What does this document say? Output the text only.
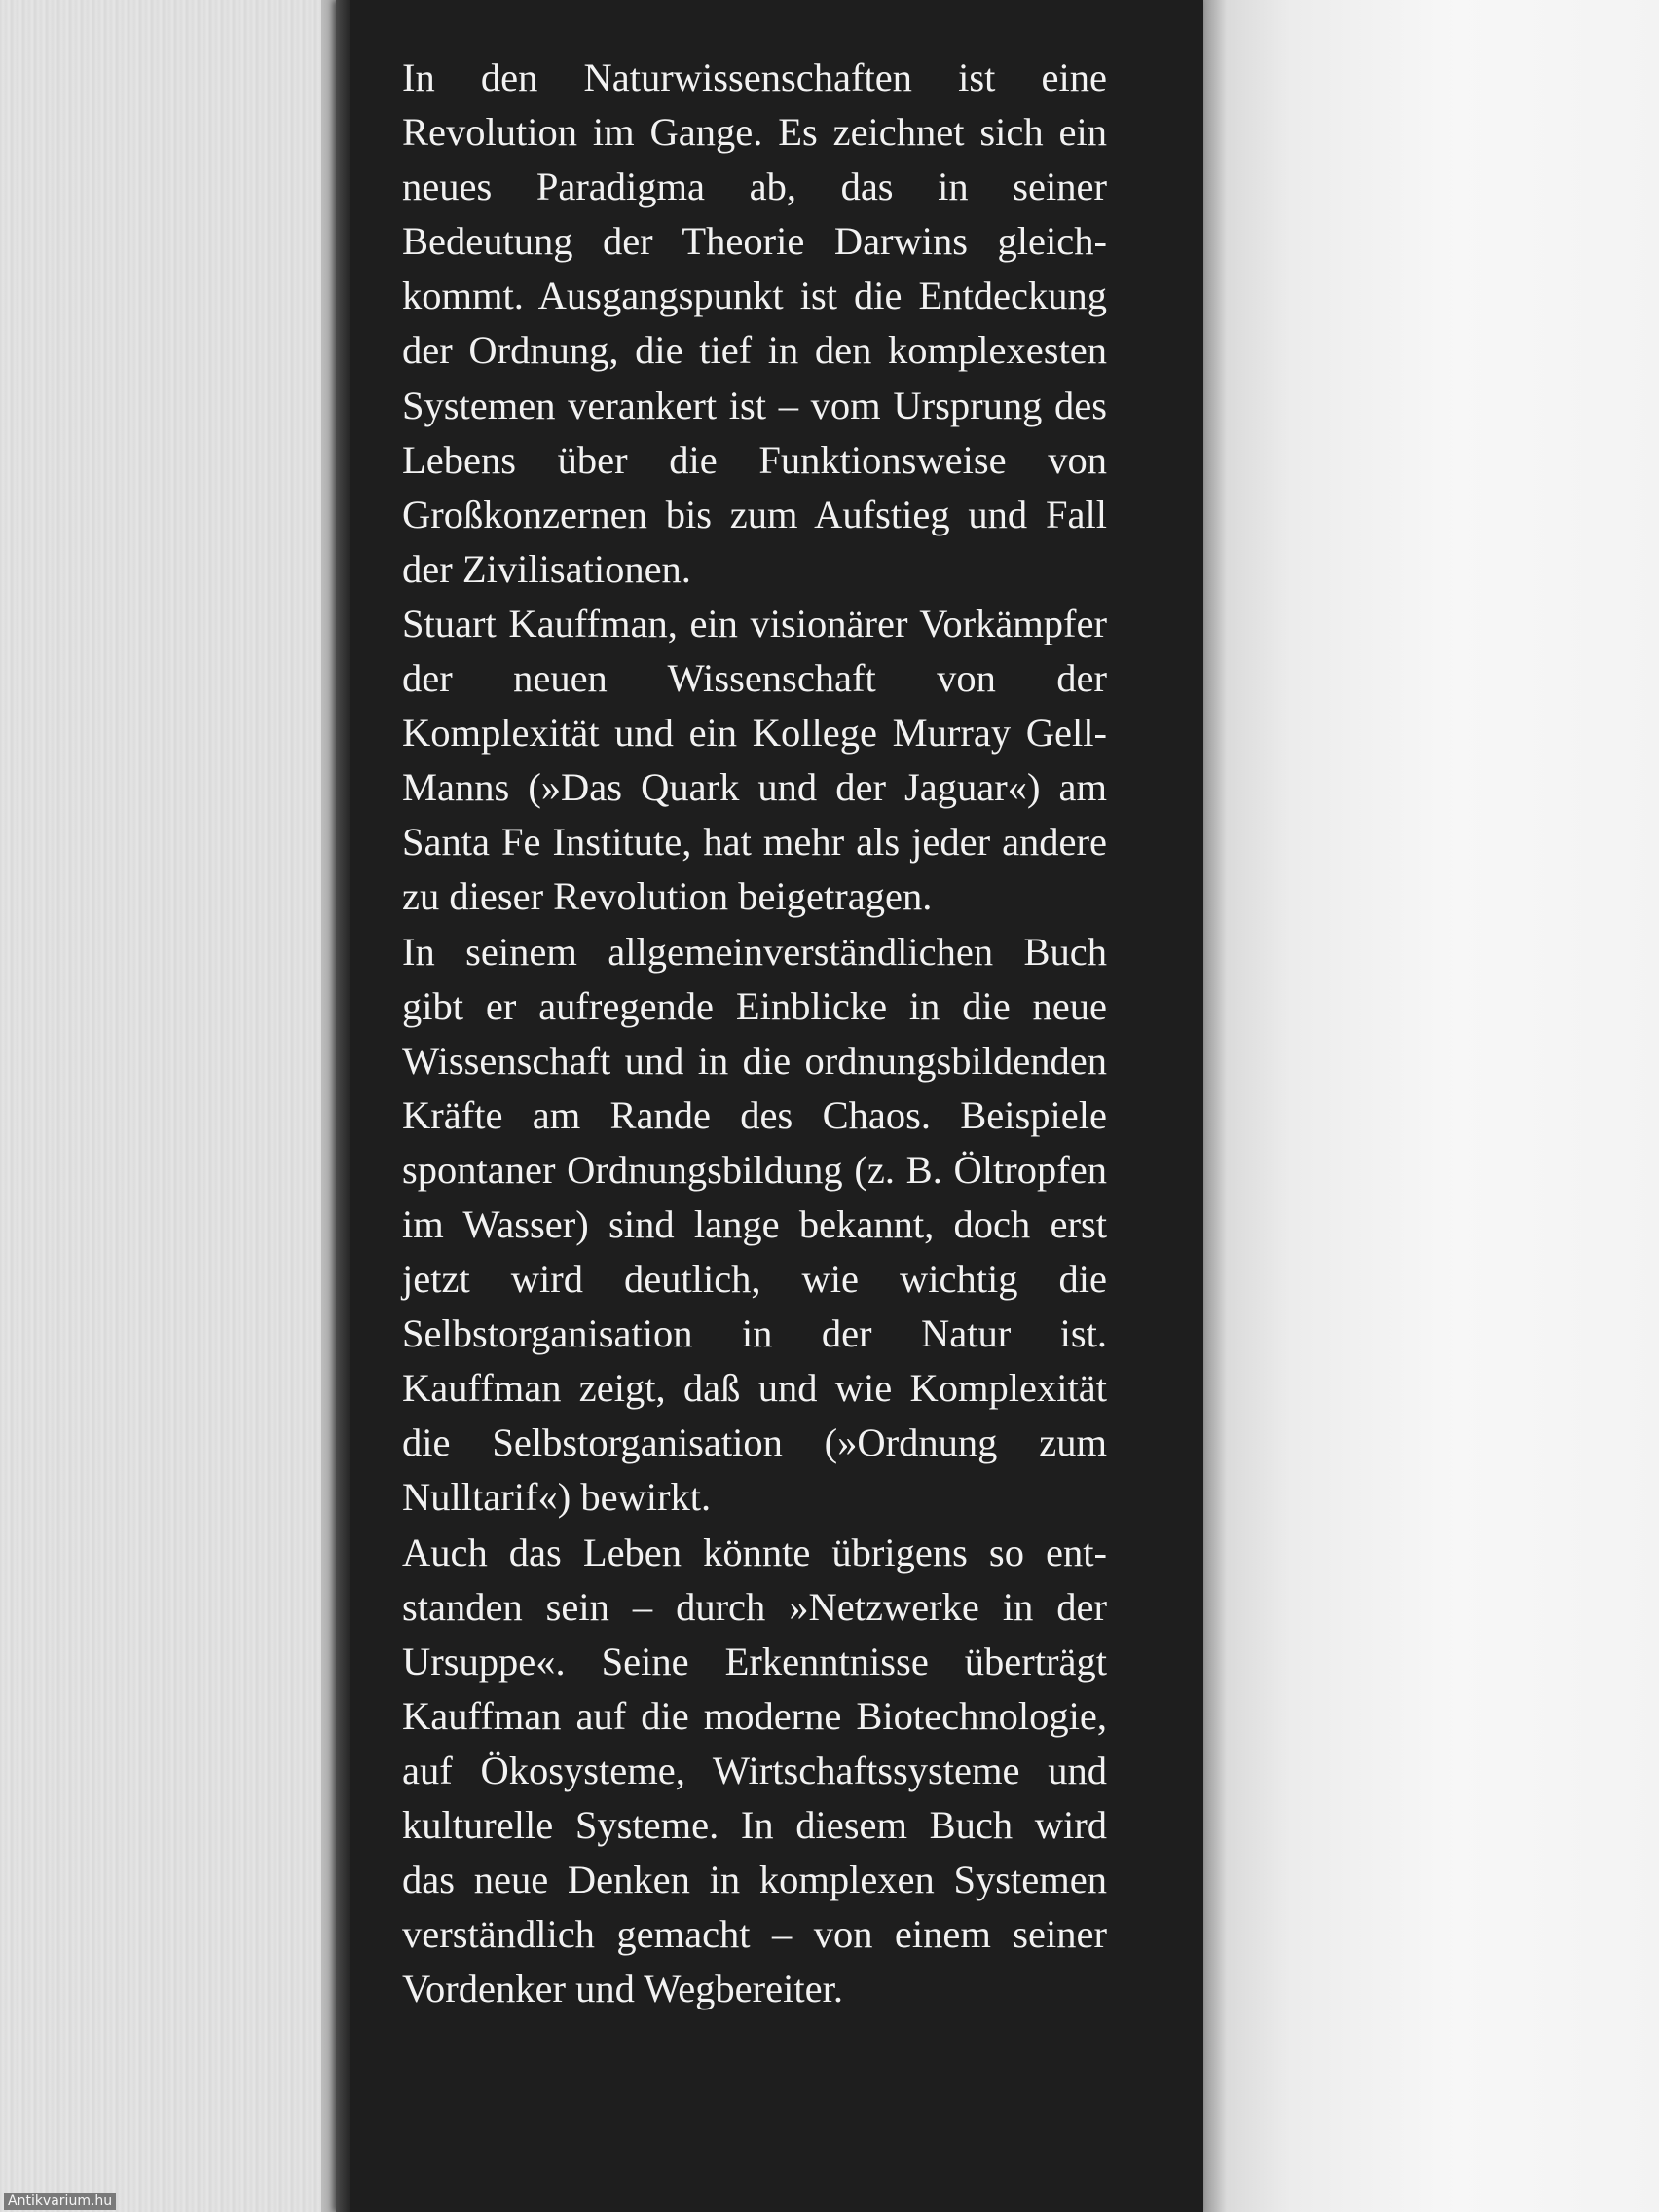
In den Naturwissenschaften ist eine Revolution im Gange. Es zeichnet sich ein neues Paradigma ab, das in seiner Bedeutung der Theorie Darwins gleichkommt. Ausgangspunkt ist die Entdeckung der Ordnung, die tief in den komplexesten Systemen verankert ist – vom Ursprung des Lebens über die Funktionsweise von Großkonzernen bis zum Aufstieg und Fall der Zivilisationen.

Stuart Kauffman, ein visionärer Vorkämpfer der neuen Wissenschaft von der Komplexität und ein Kollege Murray Gell-Manns (»Das Quark und der Jaguar«) am Santa Fe Institute, hat mehr als jeder andere zu dieser Revolution beigetragen.

In seinem allgemeinverständlichen Buch gibt er aufregende Einblicke in die neue Wissenschaft und in die ordnungsbildenden Kräfte am Rande des Chaos. Beispiele spontaner Ordnungsbildung (z. B. Öltropfen im Wasser) sind lange bekannt, doch erst jetzt wird deutlich, wie wichtig die Selbstorganisation in der Natur ist. Kauffman zeigt, daß und wie Komplexität die Selbstorganisation (»Ordnung zum Nulltarif«) bewirkt.

Auch das Leben könnte übrigens so entstanden sein – durch »Netzwerke in der Ursuppe«. Seine Erkenntnisse überträgt Kauffman auf die moderne Biotechnologie, auf Ökosysteme, Wirtschaftssysteme und kulturelle Systeme. In diesem Buch wird das neue Denken in komplexen Systemen verständlich gemacht – von einem seiner Vordenker und Wegbereiter.

Antikvarium.hu
